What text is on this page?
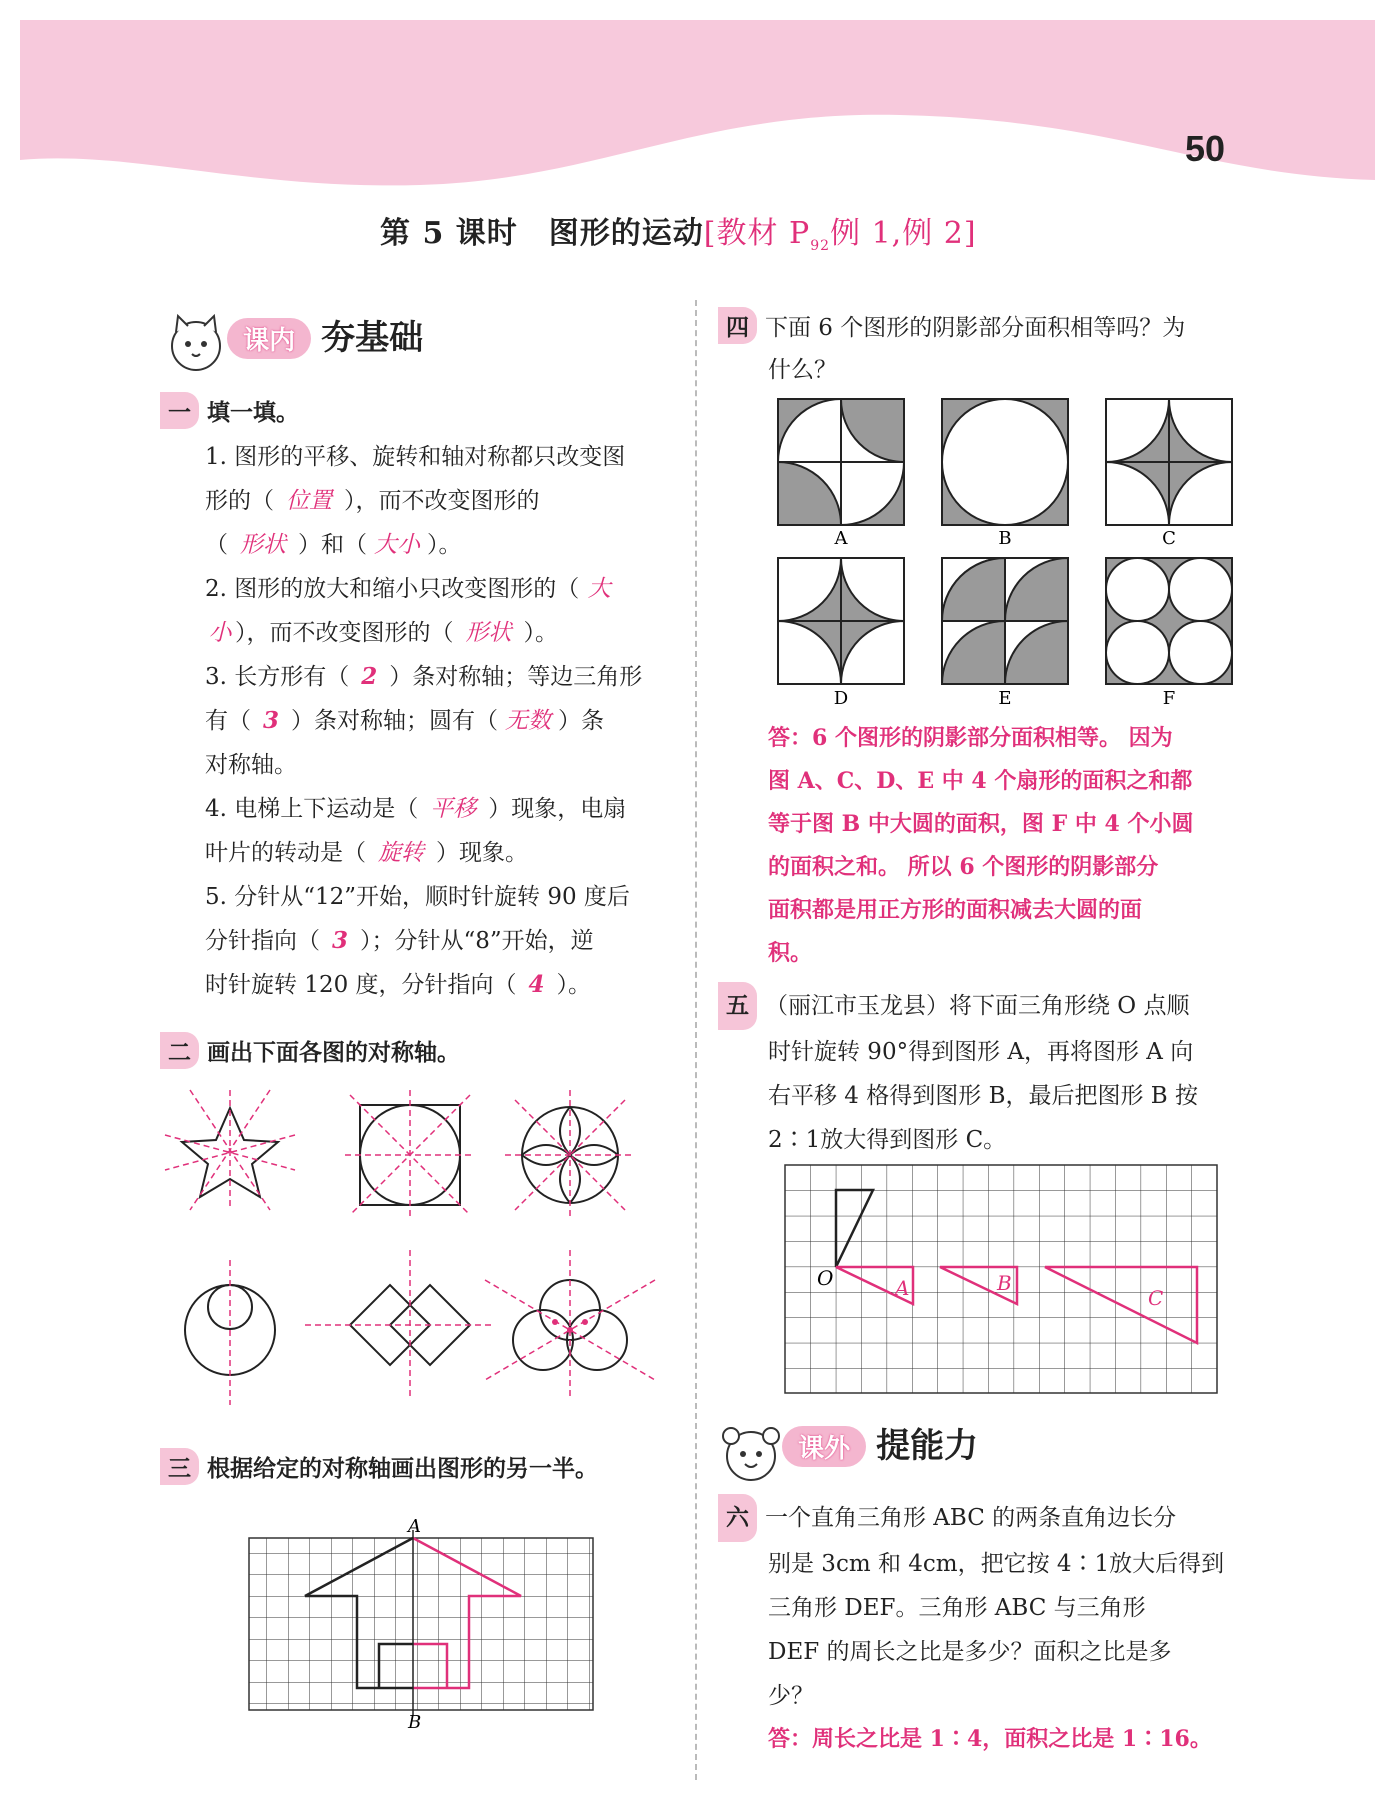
50
第 5 课时　图形的运动[教材 $P_{92}$例 1,例 2]
课内 夯基础
一 填一填。
1. 图形的平移、旋转和轴对称都只改变图
形的（ 位置 ），而不改变图形的
（ 形状 ）和（ 大小 ）。
2. 图形的放大和缩小只改变图形的（ 大
小 ），而不改变图形的（ 形状 ）。
3. 长方形有（ 2 ）条对称轴；等边三角形
有（ 3 ）条对称轴；圆有（ 无数 ）条
对称轴。
4. 电梯上下运动是（ 平移 ）现象，电扇
叶片的转动是（ 旋转 ）现象。
5. 分针从“12”开始，顺时针旋转 90 度后
分针指向（ 3 ）；分针从“8”开始，逆
时针旋转 120 度，分针指向（ 4 ）。
二 画出下面各图的对称轴。
三 根据给定的对称轴画出图形的另一半。
A
B
四 下面 6 个图形的阴影部分面积相等吗？为
什么？
A	B	C
D	E	F
答：6 个图形的阴影部分面积相等。 因为
图 A、C、D、E 中 4 个扇形的面积之和都
等于图 B 中大圆的面积，图 F 中 4 个小圆
的面积之和。 所以 6 个图形的阴影部分
面积都是用正方形的面积减去大圆的面
积。
五 （丽江市玉龙县）将下面三角形绕 O 点顺
时针旋转 90°得到图形 A，再将图形 A 向
右平移 4 格得到图形 B，最后把图形 B 按
2∶1放大得到图形 C。
O	A	B
C
课外 提能力
六 一个直角三角形 ABC 的两条直角边长分
别是 3cm 和 4cm，把它按 4∶1放大后得到
三角形 DEF。三角形 ABC 与三角形
DEF 的周长之比是多少？面积之比是多
少？
答：周长之比是 1∶4，面积之比是 1∶16。
